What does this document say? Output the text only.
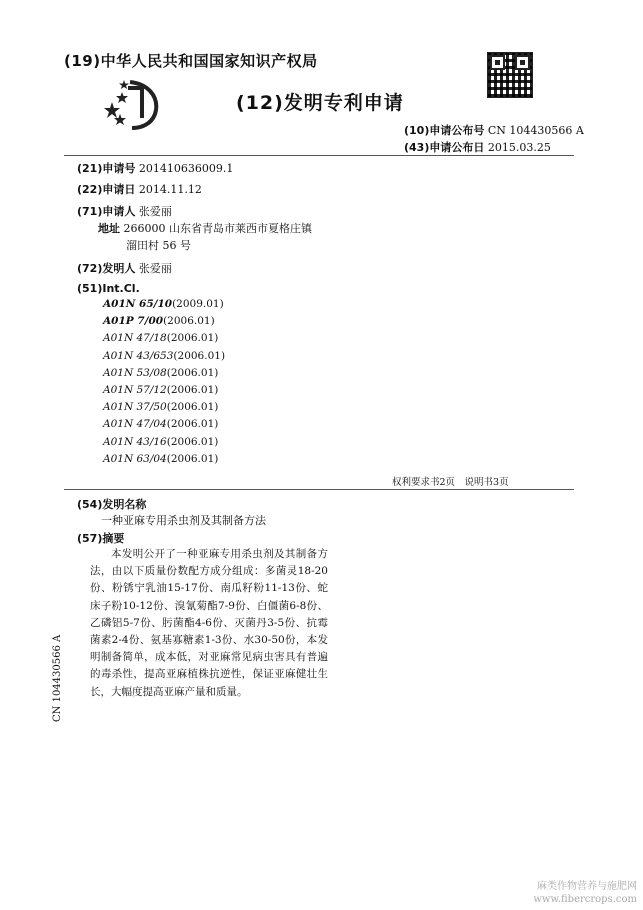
(19)中华人民共和国国家知识产权局
(12)发明专利申请
(10)申请公布号 CN 104430566 A
(43)申请公布日 2015.03.25
(21)申请号 201410636009.1
(22)申请日 2014.11.12
(71)申请人 张爱丽
地址 266000 山东省青岛市莱西市夏格庄镇
溜田村 56 号
(72)发明人 张爱丽
(51)Int.Cl.
A01N 65/10(2009.01)
A01P 7/00(2006.01)
A01N 47/18(2006.01)
A01N 43/653(2006.01)
A01N 53/08(2006.01)
A01N 57/12(2006.01)
A01N 37/50(2006.01)
A01N 47/04(2006.01)
A01N 43/16(2006.01)
A01N 63/04(2006.01)
权利要求书2页　说明书3页
(54)发明名称
一种亚麻专用杀虫剂及其制备方法
(57)摘要
本发明公开了一种亚麻专用杀虫剂及其制备方法，由以下质量份数配方成分组成：多菌灵18-20份、粉锈宁乳油15-17份、南瓜籽粉11-13份、蛇床子粉10-12份、溴氰菊酯7-9份、白僵菌6-8份、乙磷铝5-7份、肟菌酯4-6份、灭菌丹3-5份、抗霉菌素2-4份、氨基寡糖素1-3份、水30-50份，本发明制备简单，成本低，对亚麻常见病虫害具有普遍的毒杀性，提高亚麻植株抗逆性，保证亚麻健壮生长，大幅度提高亚麻产量和质量。
CN 104430566 A
麻类作物营养与施肥网
www.fibercrops.com
